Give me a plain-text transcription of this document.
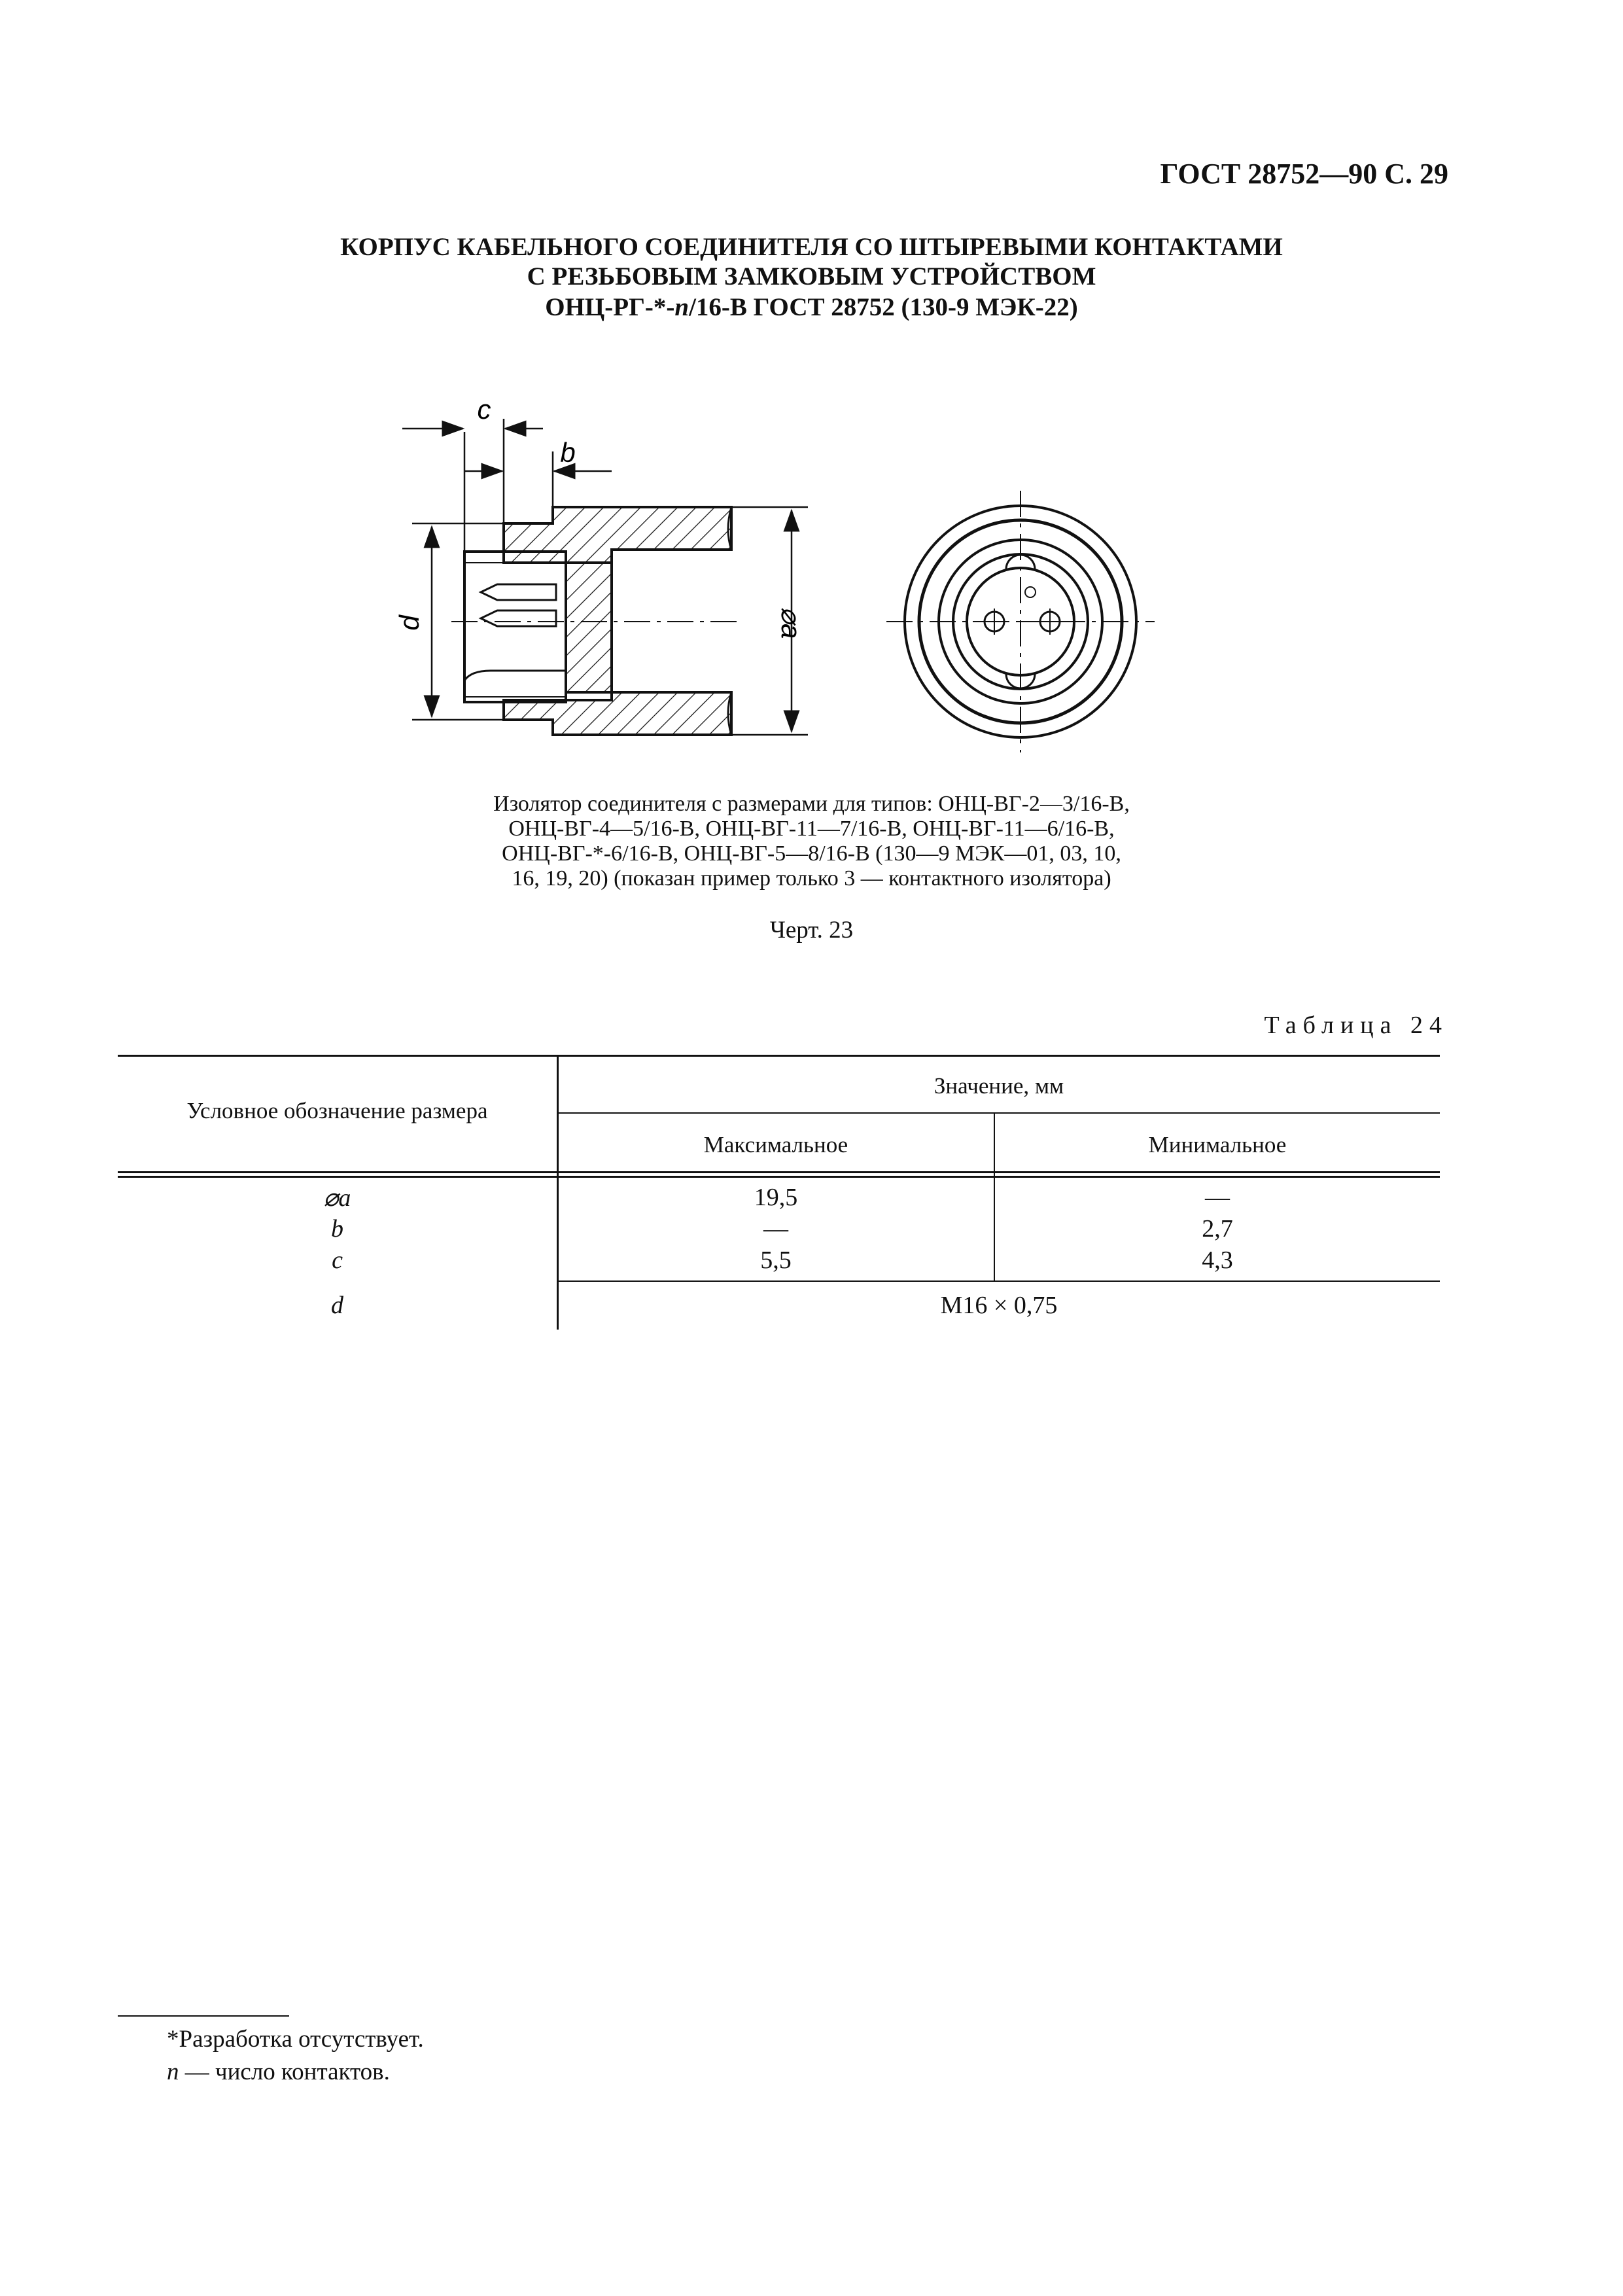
ГОСТ 28752—90 С. 29
КОРПУС КАБЕЛЬНОГО СОЕДИНИТЕЛЯ СО ШТЫРЕВЫМИ КОНТАКТАМИ
С РЕЗЬБОВЫМ ЗАМКОВЫМ УСТРОЙСТВОМ
ОНЦ-РГ-*-n/16-В ГОСТ 28752 (130-9 МЭК-22)
c
b
d	⌀a
Изолятор соединителя с размерами для типов: ОНЦ-ВГ-2—3/16-В,
ОНЦ-ВГ-4—5/16-В, ОНЦ-ВГ-11—7/16-В, ОНЦ-ВГ-11—6/16-В,
ОНЦ-ВГ-*-6/16-В, ОНЦ-ВГ-5—8/16-В (130—9 МЭК—01, 03, 10,
16, 19, 20) (показан пример только 3 — контактного изолятора)
Черт. 23
Таблица 24
Условное обозначение размера
Значение, мм
Максимальное	Минимальное
⌀a	19,5	—
b	—	2,7
c	5,5	4,3
d	M16 × 0,75
*Разработка отсутствует.
n — число контактов.
